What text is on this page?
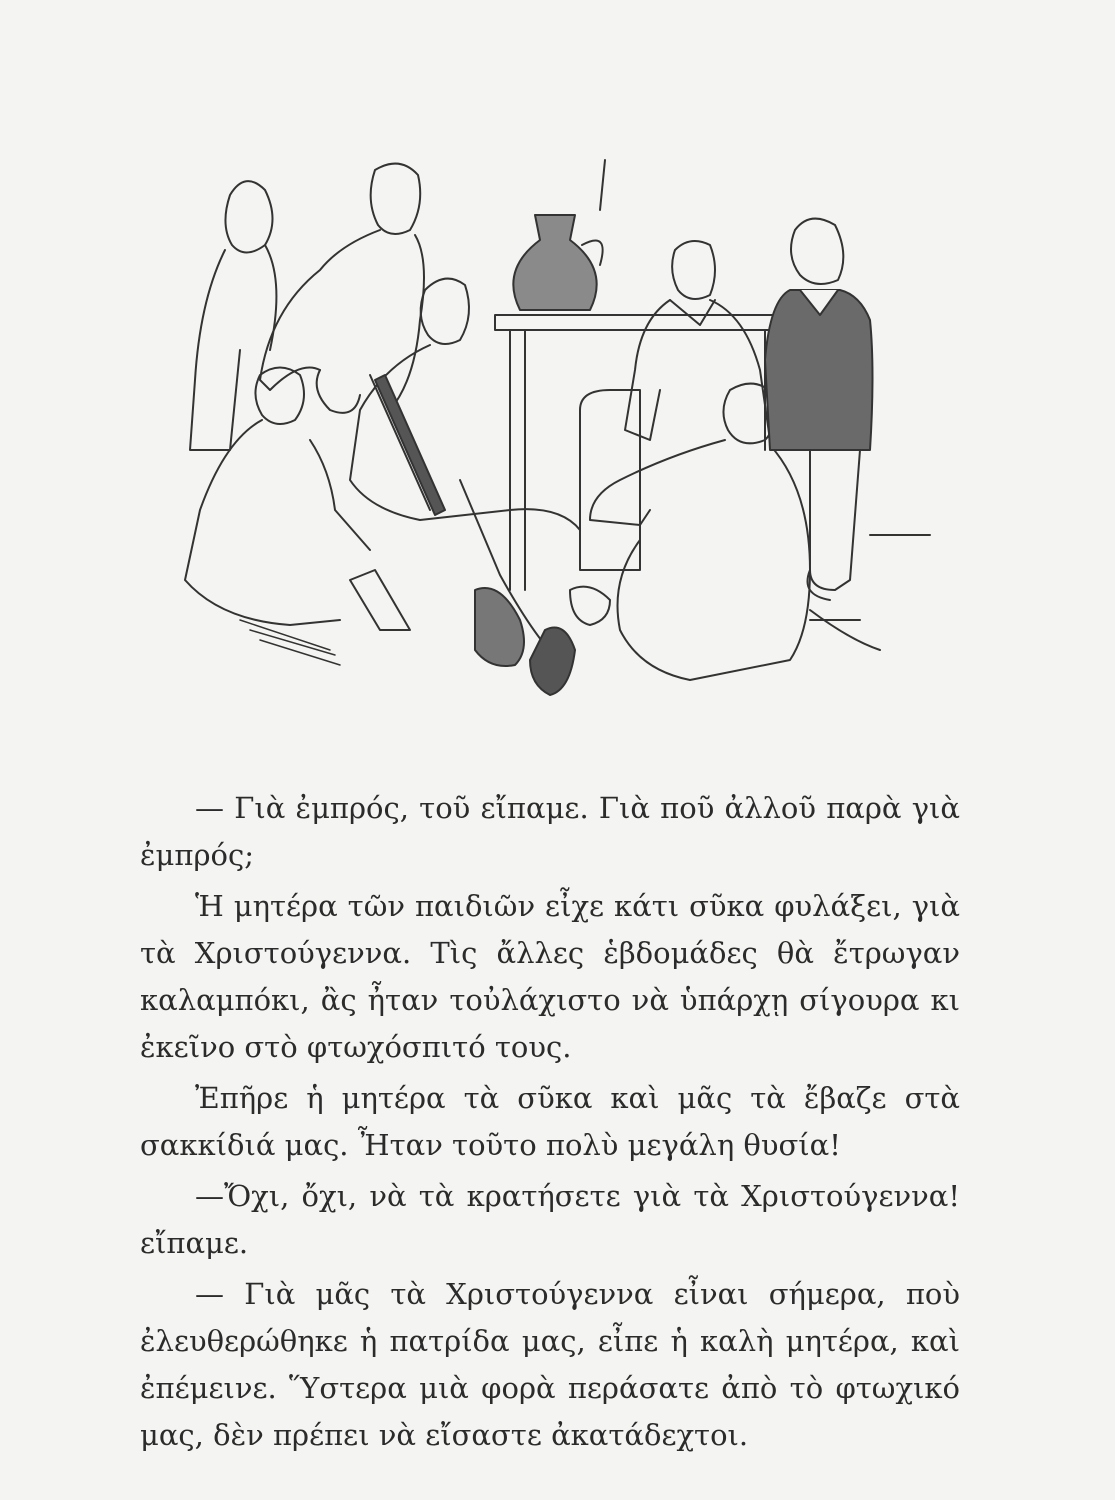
— Γιὰ ἐμπρός, τοῦ εἴπαμε. Γιὰ ποῦ ἀλλοῦ παρὰ γιὰ ἐμπρός;

Ἡ μητέρα τῶν παιδιῶν εἶχε κάτι σῦκα φυλάξει, γιὰ τὰ Χριστούγεννα. Τὶς ἄλλες ἑβδομάδες θὰ ἔτρωγαν καλαμπόκι, ἂς ἦταν τοὐλάχιστο νὰ ὑπάρχῃ σίγουρα κι ἐκεῖνο στὸ φτωχόσπιτό τους.

Ἐπῆρε ἡ μητέρα τὰ σῦκα καὶ μᾶς τὰ ἔβαζε στὰ σακκίδιά μας. Ἦταν τοῦτο πολὺ μεγάλη θυσία!

—Ὄχι, ὄχι, νὰ τὰ κρατήσετε γιὰ τὰ Χριστούγεννα! εἴπαμε.

— Γιὰ μᾶς τὰ Χριστούγεννα εἶναι σήμερα, ποὺ ἐλευθερώθηκε ἡ πατρίδα μας, εἶπε ἡ καλὴ μητέρα, καὶ ἐπέμεινε. Ὕστερα μιὰ φορὰ περάσατε ἀπὸ τὸ φτωχικό μας, δὲν πρέπει νὰ εἴσαστε ἀκατάδεχτοι.
